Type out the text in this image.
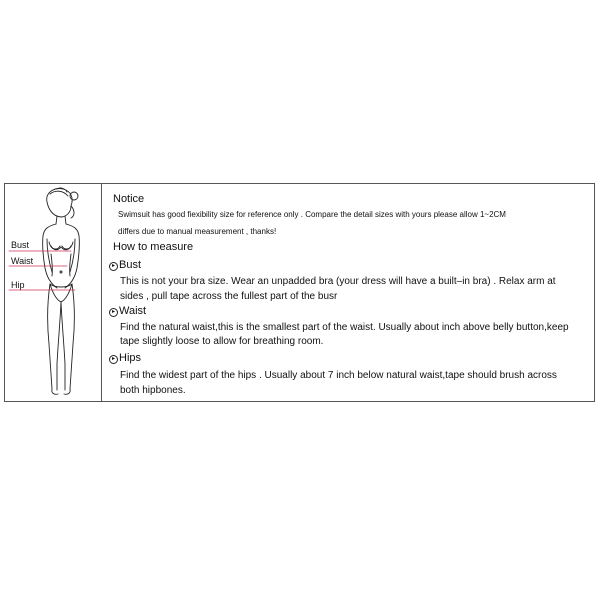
Bust
Waist
Hip
Notice
Swimsuit has good fiexibility size for reference only . Compare the detail sizes with yours please allow 1~2CM
differs due to manual measurement , thanks!
How to measure
▸ Bust
This is not your bra size. Wear an unpadded bra (your dress will have a built–in bra) . Relax arm at
sides , pull tape across the fullest part of the busr
▸ Waist
Find the natural waist,this is the smallest part of the waist. Usually about inch above belly button,keep
tape slightly loose to allow for breathing room.
▸ Hips
Find the widest part of the hips . Usually about 7 inch below natural waist,tape should brush across
both hipbones.
